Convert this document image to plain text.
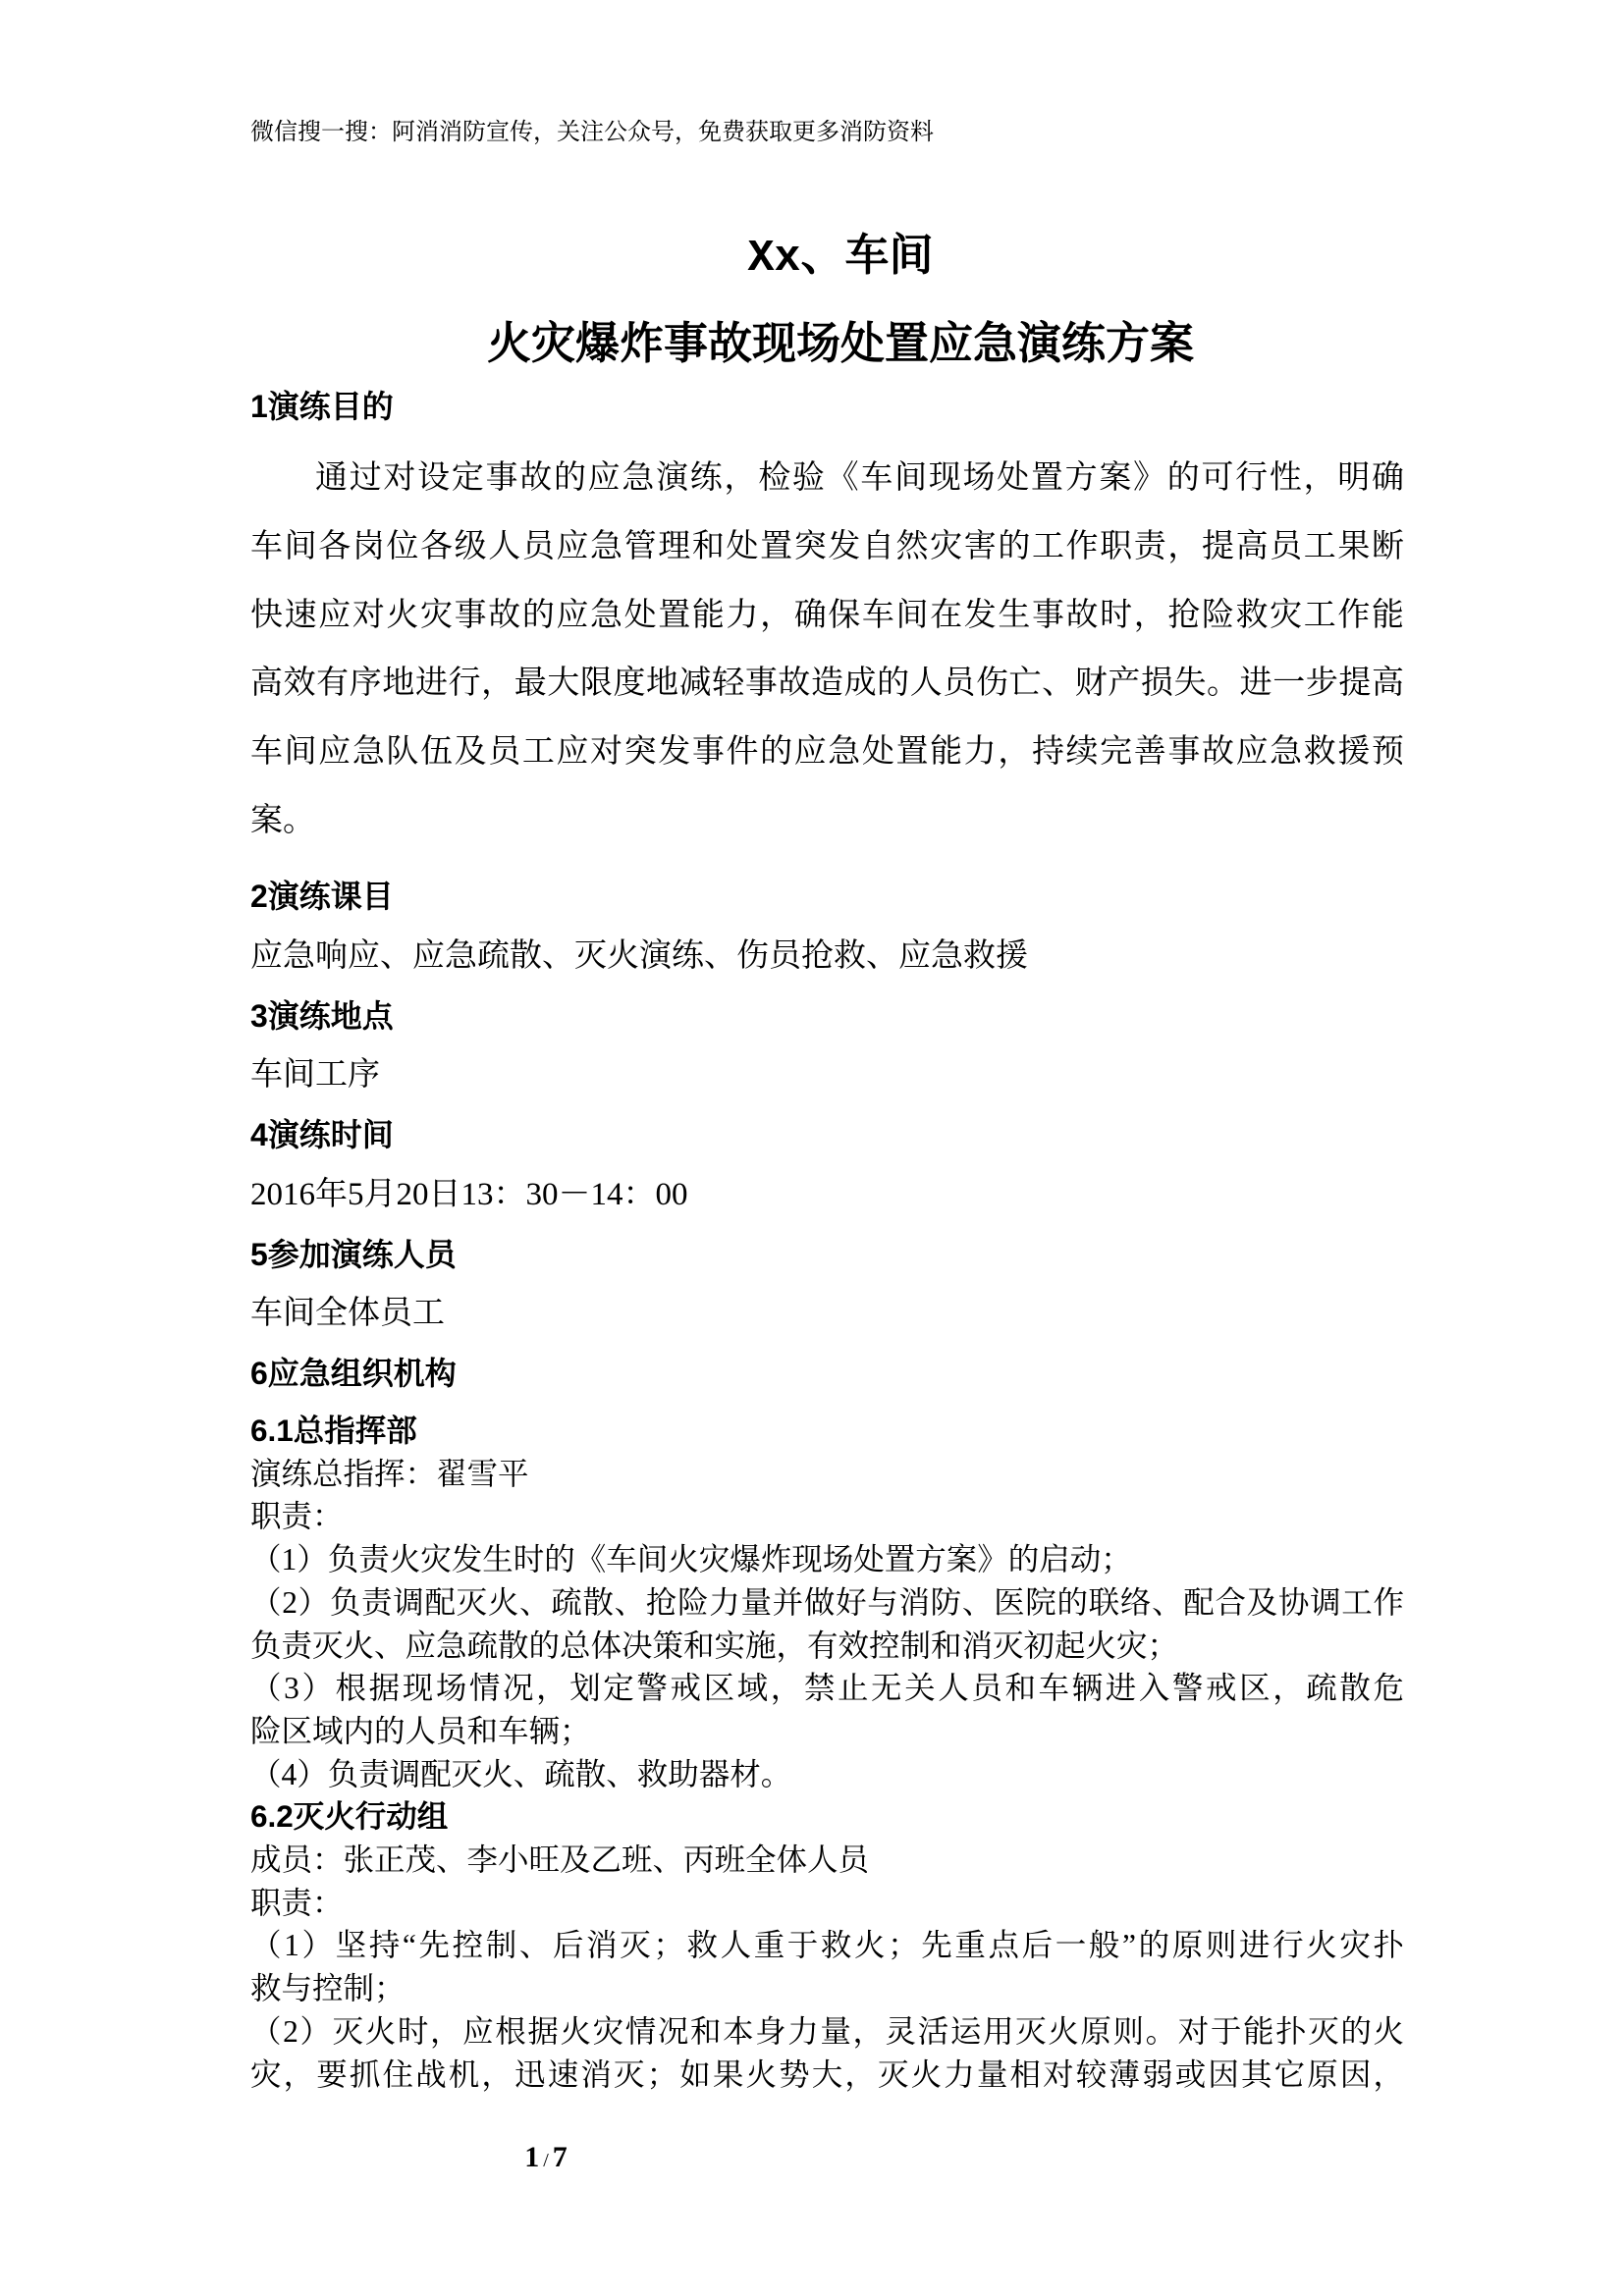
微信搜一搜：阿消消防宣传，关注公众号，免费获取更多消防资料
Xx、车间
火灾爆炸事故现场处置应急演练方案
1演练目的
通过对设定事故的应急演练，检验《车间现场处置方案》的可行性，明确
车间各岗位各级人员应急管理和处置突发自然灾害的工作职责，提高员工果断
快速应对火灾事故的应急处置能力，确保车间在发生事故时，抢险救灾工作能
高效有序地进行，最大限度地减轻事故造成的人员伤亡、财产损失。进一步提高
车间应急队伍及员工应对突发事件的应急处置能力，持续完善事故应急救援预
案。
2演练课目
应急响应、应急疏散、灭火演练、伤员抢救、应急救援
3演练地点
车间工序
4演练时间
2016年5月20日13：30－14：00
5参加演练人员
车间全体员工
6应急组织机构
6.1总指挥部
演练总指挥：翟雪平
职责：
（1）负责火灾发生时的《车间火灾爆炸现场处置方案》的启动；
（2）负责调配灭火、疏散、抢险力量并做好与消防、医院的联络、配合及协调工作
负责灭火、应急疏散的总体决策和实施，有效控制和消灭初起火灾；
（3）根据现场情况，划定警戒区域，禁止无关人员和车辆进入警戒区，疏散危
险区域内的人员和车辆；
（4）负责调配灭火、疏散、救助器材。
6.2灭火行动组
成员：张正茂、李小旺及乙班、丙班全体人员
职责：
（1）坚持“先控制、后消灭；救人重于救火；先重点后一般”的原则进行火灾扑
救与控制；
（2）灭火时，应根据火灾情况和本身力量，灵活运用灭火原则。对于能扑灭的火
灾，要抓住战机，迅速消灭；如果火势大，灭火力量相对较薄弱或因其它原因，
1 / 7
